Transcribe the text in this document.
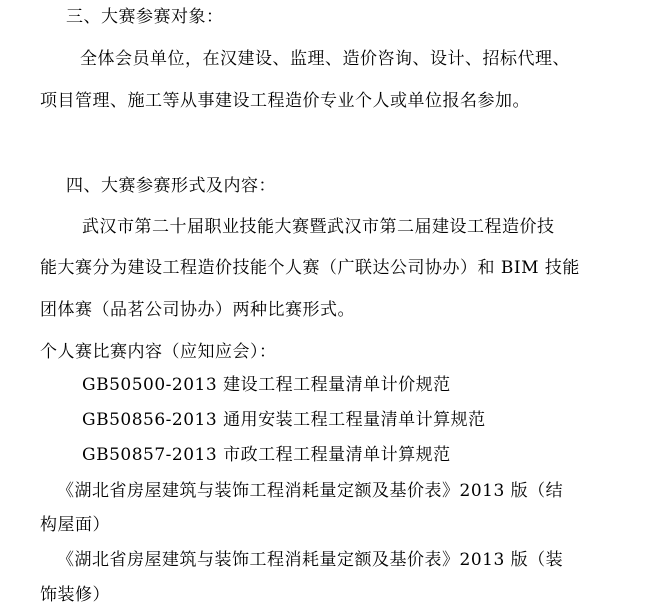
三、大赛参赛对象：
全体会员单位，在汉建设、监理、造价咨询、设计、招标代理、
项目管理、施工等从事建设工程造价专业个人或单位报名参加。
四、大赛参赛形式及内容：
武汉市第二十届职业技能大赛暨武汉市第二届建设工程造价技
能大赛分为建设工程造价技能个人赛（广联达公司协办）和 BIM 技能
团体赛（品茗公司协办）两种比赛形式。
个人赛比赛内容（应知应会）：
GB50500-2013 建设工程工程量清单计价规范
GB50856-2013 通用安装工程工程量清单计算规范
GB50857-2013 市政工程工程量清单计算规范
《湖北省房屋建筑与装饰工程消耗量定额及基价表》2013 版（结
构屋面）
《湖北省房屋建筑与装饰工程消耗量定额及基价表》2013 版（装
饰装修）
